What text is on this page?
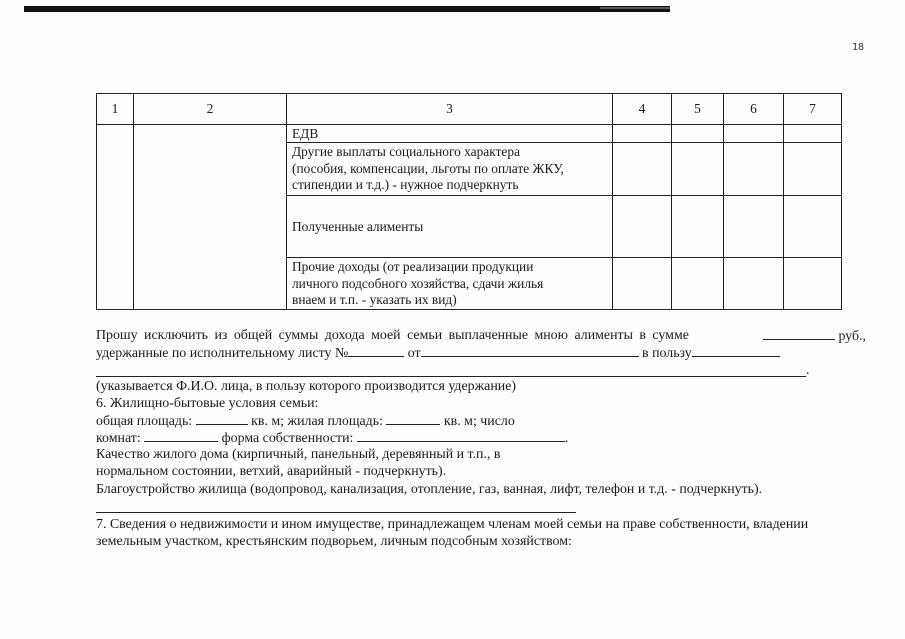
18
1	2	3	4	5	6	7
		ЕДВ				

		Другие выплаты социального характера
(пособия, компенсации, льготы по оплате ЖКУ,
стипендии и т.д.) - нужное подчеркнуть				

		Полученные алименты				

		Прочие доходы (от реализации продукции
личного подсобного хозяйства, сдачи жилья
внаем и т.п. - указать их вид)				

Прошу исключить из общей суммы дохода моей семьи выплаченные мною алименты в сумме	руб.,
удержанные по исполнительному листу №	от	в пользу
.
(указывается Ф.И.О. лица, в пользу которого производится удержание)
6. Жилищно-бытовые условия семьи:
общая площадь:	кв. м; жилая площадь:	кв. м; число
комнат:	форма собственности:	.
Качество жилого дома (кирпичный, панельный, деревянный и т.п., в
нормальном состоянии, ветхий, аварийный - подчеркнуть).
Благоустройство жилища (водопровод, канализация, отопление, газ, ванная, лифт, телефон и т.д. - подчеркнуть).
7. Сведения о недвижимости и ином имуществе, принадлежащем членам моей семьи на праве собственности, владении
земельным участком, крестьянским подворьем, личным подсобным хозяйством:
